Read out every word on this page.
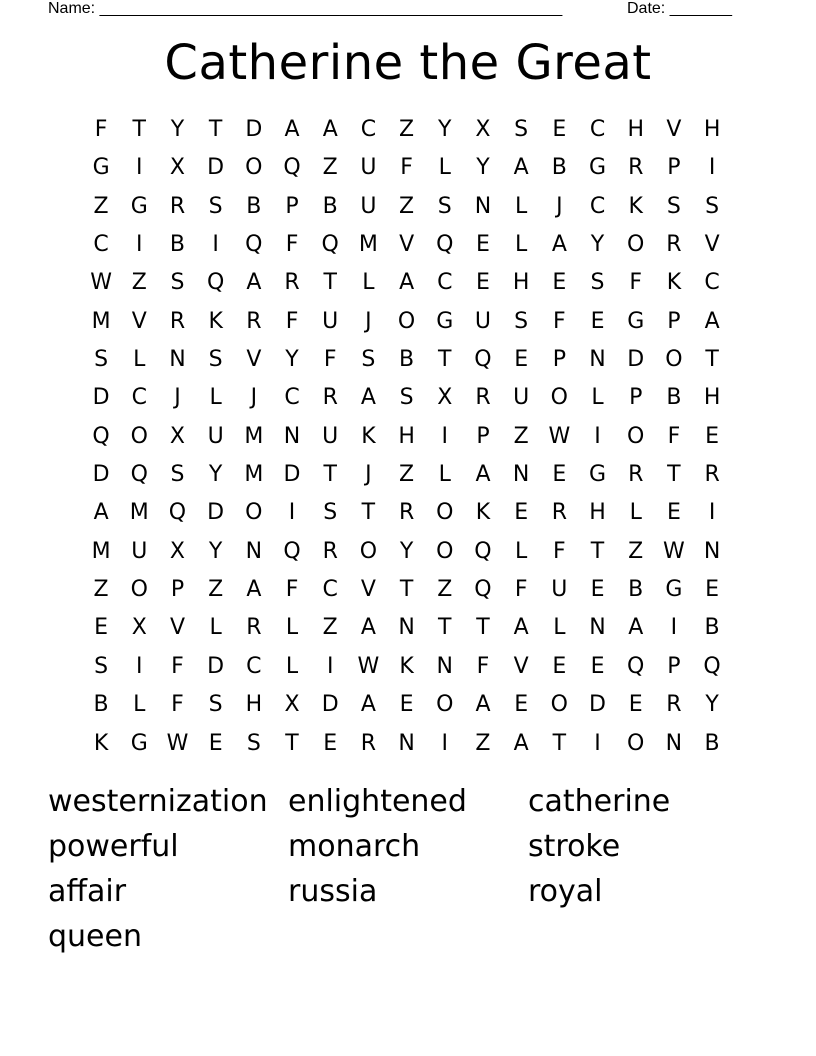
Name: ____________________________________________________	Date: _______
Catherine the Great
F	T	Y	T	D	A	A	C	Z	Y	X	S	E	C	H	V	H
G	I	X	D O Q Z	U	F	L	Y	A	B	G	R	P	I
Z	G	R	S	B	P	B	U	Z	S	N	L	J	C	K	S	S
C	I	B	I	Q	F	Q M V Q	E	L	A	Y	O R	V
W Z	S	Q	A	R	T	L	A	C	E	H	E	S	F	K	C
M V	R	K	R	F	U	J	O G U	S	F	E	G	P	A
S	L	N	S	V	Y	F	S	B	T	Q	E	P	N D O	T
D	C	J	L	J	C	R	A	S	X	R	U O	L	P	B	H
Q O X	U M N U	K	H	I	P	Z W	I	O	F	E
D Q	S	Y M D	T	J	Z	L	A	N	E	G	R	T	R
A M Q D O	I	S	T	R O	K	E	R	H	L	E	I
M U	X	Y	N Q R O	Y	O Q	L	F	T	Z W N
Z O	P	Z	A	F	C	V	T	Z Q	F	U	E	B	G	E
E	X	V	L	R	L	Z	A	N	T	T	A	L	N	A	I	B
S	I	F	D	C	L	I	W K	N	F	V	E	E	Q	P	Q
B	L	F	S	H	X	D	A	E	O	A	E	O D	E	R	Y
K	G W E	S	T	E	R	N	I	Z	A	T	I	O N	B
westernization enlightened	catherine
powerful	monarch	stroke
affair	russia	royal
queen
